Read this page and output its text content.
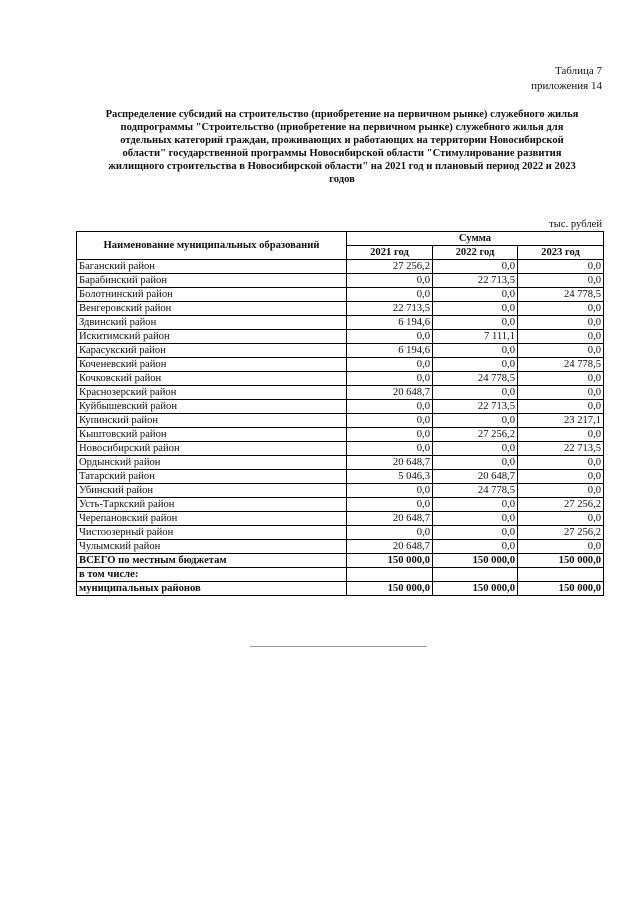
Таблица 7
приложения 14
Распределение субсидий на строительство (приобретение на первичном рынке) служебного жилья
подпрограммы "Строительство (приобретение на первичном рынке) служебного жилья для
отдельных категорий граждан, проживающих и работающих на территории Новосибирской
области" государственной программы Новосибирской области "Стимулирование развития
жилищного строительства в Новосибирской области" на 2021 год и плановый период 2022 и 2023
годов
тыс. рублей
Наименование муниципальных образований	Сумма		
	2021 год	2022 год	2023 год
Баганский район	27 256,2	0,0	0,0
Барабинский район	0,0	22 713,5	0,0
Болотнинский район	0,0	0,0	24 778,5
Венгеровский район	22 713,5	0,0	0,0
Здвинский район	6 194,6	0,0	0,0
Искитимский район	0,0	7 111,1	0,0
Карасукский район	6 194,6	0,0	0,0
Коченевский район	0,0	0,0	24 778,5
Кочковский район	0,0	24 778,5	0,0
Краснозерский район	20 648,7	0,0	0,0
Куйбышевский район	0,0	22 713,5	0,0
Купинский район	0,0	0,0	23 217,1
Кыштовский район	0,0	27 256,2	0,0
Новосибирский район	0,0	0,0	22 713,5
Ордынский район	20 648,7	0,0	0,0
Татарский район	5 046,3	20 648,7	0,0
Убинский район	0,0	24 778,5	0,0
Усть-Таркский район	0,0	0,0	27 256,2
Черепановский район	20 648,7	0,0	0,0
Чистоозерный район	0,0	0,0	27 256,2
Чулымский район	20 648,7	0,0	0,0
ВСЕГО по местным бюджетам	150 000,0	150 000,0	150 000,0
в том числе:			
муниципальных районов	150 000,0	150 000,0	150 000,0
